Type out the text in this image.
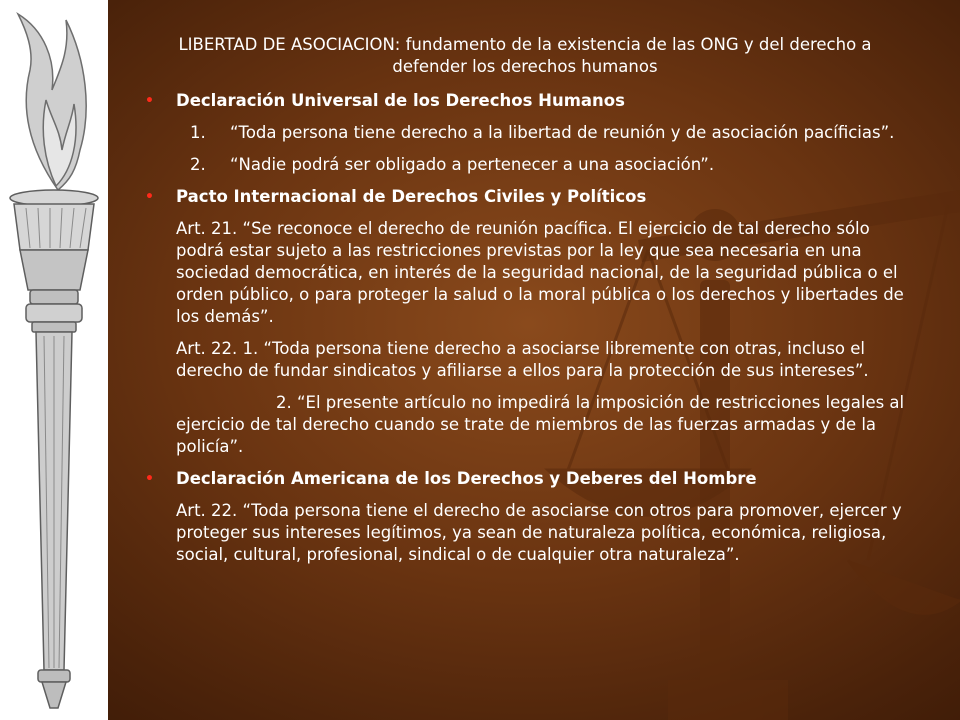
LIBERTAD DE ASOCIACION: fundamento de la existencia de las ONG y del derecho a defender los derechos humanos
• Declaración Universal de los Derechos Humanos
1. “Toda persona tiene derecho a la libertad de reunión y de asociación pacíficias”.
2. “Nadie podrá ser obligado a pertenecer a una asociación”.
• Pacto Internacional de Derechos Civiles y Políticos
Art. 21. “Se reconoce el derecho de reunión pacífica. El ejercicio de tal derecho sólo podrá estar sujeto a las restricciones previstas por la ley que sea necesaria en una sociedad democrática, en interés de la seguridad nacional, de la seguridad pública o el orden público, o para proteger la salud o la moral pública o los derechos y libertades de los demás”.
Art. 22. 1. “Toda persona tiene derecho a asociarse libremente con otras, incluso el derecho de fundar sindicatos y afiliarse a ellos para la protección de sus intereses”.
2. “El presente artículo no impedirá la imposición de restricciones legales al ejercicio de tal derecho cuando se trate de miembros de las fuerzas armadas y de la policía”.
• Declaración Americana de los Derechos y Deberes del Hombre
Art. 22. “Toda persona tiene el derecho de asociarse con otros para promover, ejercer y proteger sus intereses legítimos, ya sean de naturaleza política, económica, religiosa, social, cultural, profesional, sindical o de cualquier otra naturaleza”.
